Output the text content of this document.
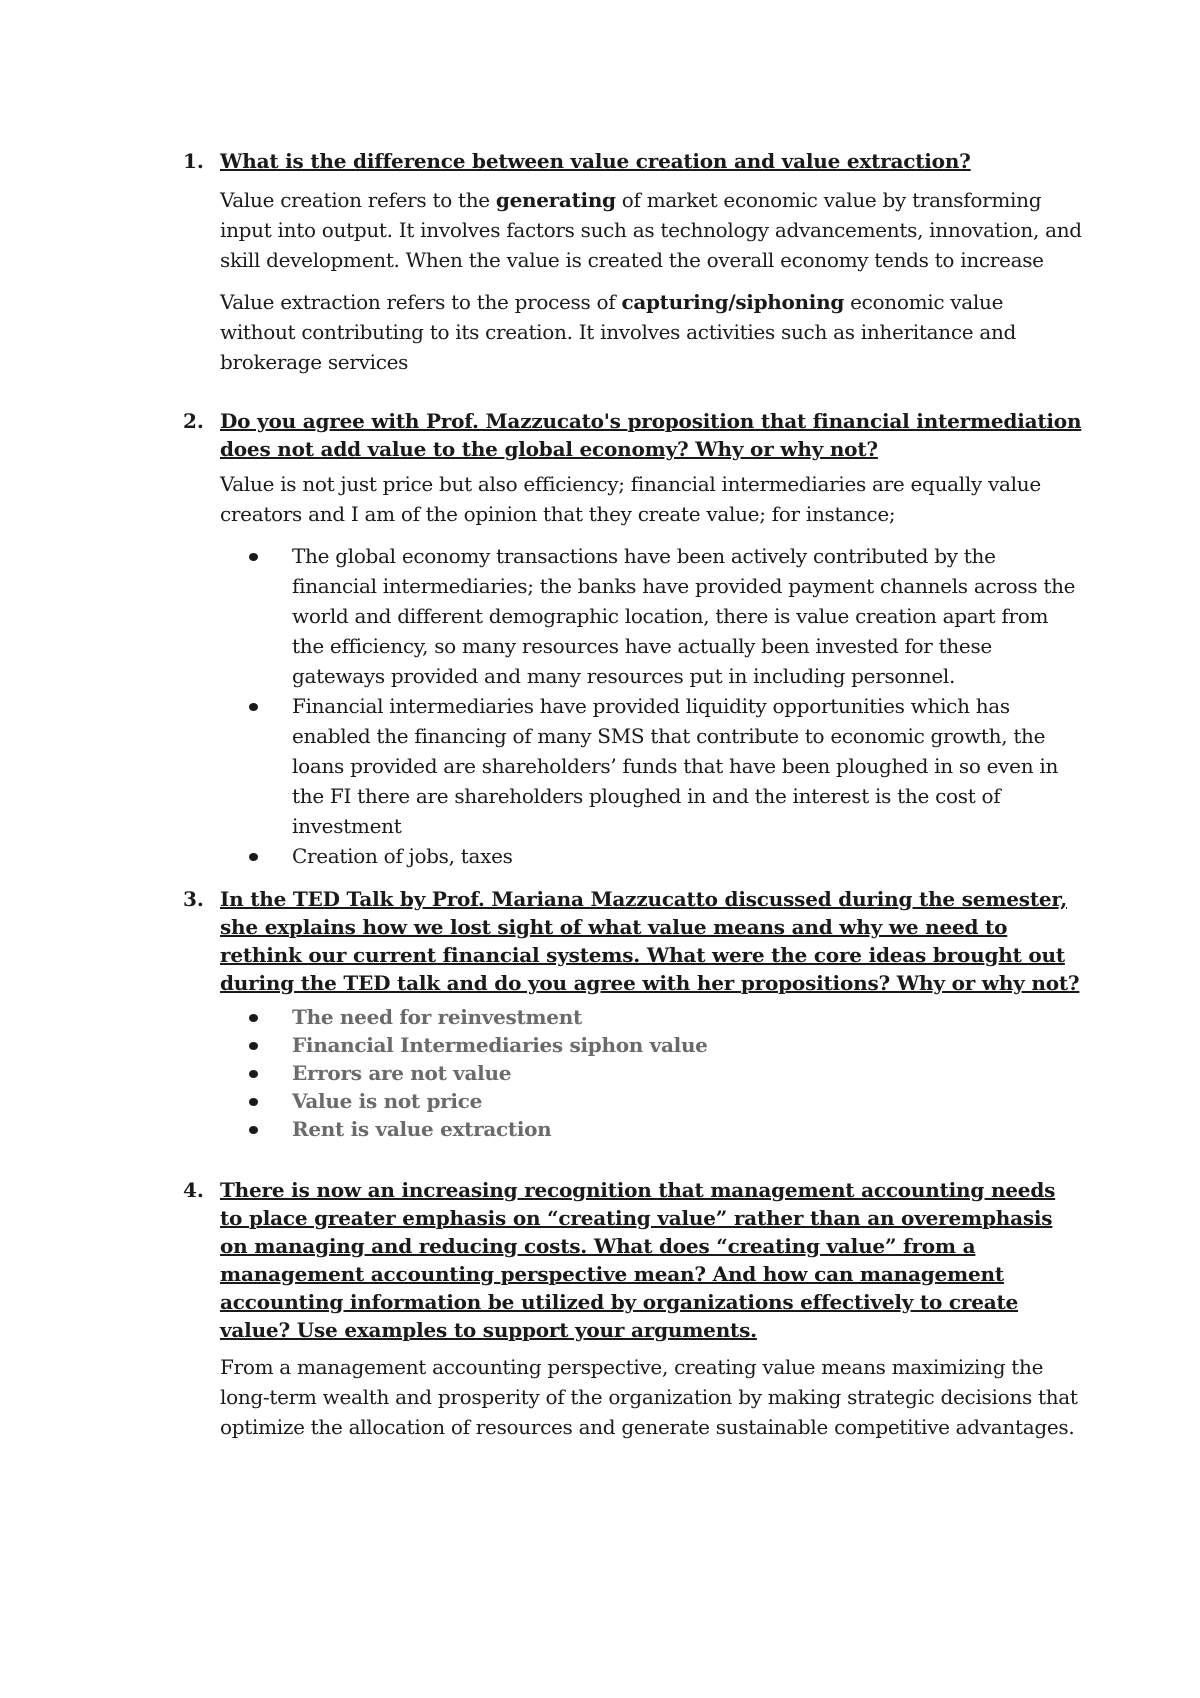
1. What is the difference between value creation and value extraction?
Value creation refers to the generating of market economic value by transforming input into output. It involves factors such as technology advancements, innovation, and skill development. When the value is created the overall economy tends to increase
Value extraction refers to the process of capturing/siphoning economic value without contributing to its creation. It involves activities such as inheritance and brokerage services
2. Do you agree with Prof. Mazzucato's proposition that financial intermediation does not add value to the global economy? Why or why not?
Value is not just price but also efficiency; financial intermediaries are equally value creators and I am of the opinion that they create value; for instance;
The global economy transactions have been actively contributed by the financial intermediaries; the banks have provided payment channels across the world and different demographic location, there is value creation apart from the efficiency, so many resources have actually been invested for these gateways provided and many resources put in including personnel.
Financial intermediaries have provided liquidity opportunities which has enabled the financing of many SMS that contribute to economic growth, the loans provided are shareholders’ funds that have been ploughed in so even in the FI there are shareholders ploughed in and the interest is the cost of investment
Creation of jobs, taxes
3. In the TED Talk by Prof. Mariana Mazzucatto discussed during the semester, she explains how we lost sight of what value means and why we need to rethink our current financial systems. What were the core ideas brought out during the TED talk and do you agree with her propositions? Why or why not?
The need for reinvestment
Financial Intermediaries siphon value
Errors are not value
Value is not price
Rent is value extraction
4. There is now an increasing recognition that management accounting needs to place greater emphasis on “creating value” rather than an overemphasis on managing and reducing costs. What does “creating value” from a management accounting perspective mean? And how can management accounting information be utilized by organizations effectively to create value? Use examples to support your arguments.
From a management accounting perspective, creating value means maximizing the long-term wealth and prosperity of the organization by making strategic decisions that optimize the allocation of resources and generate sustainable competitive advantages.
